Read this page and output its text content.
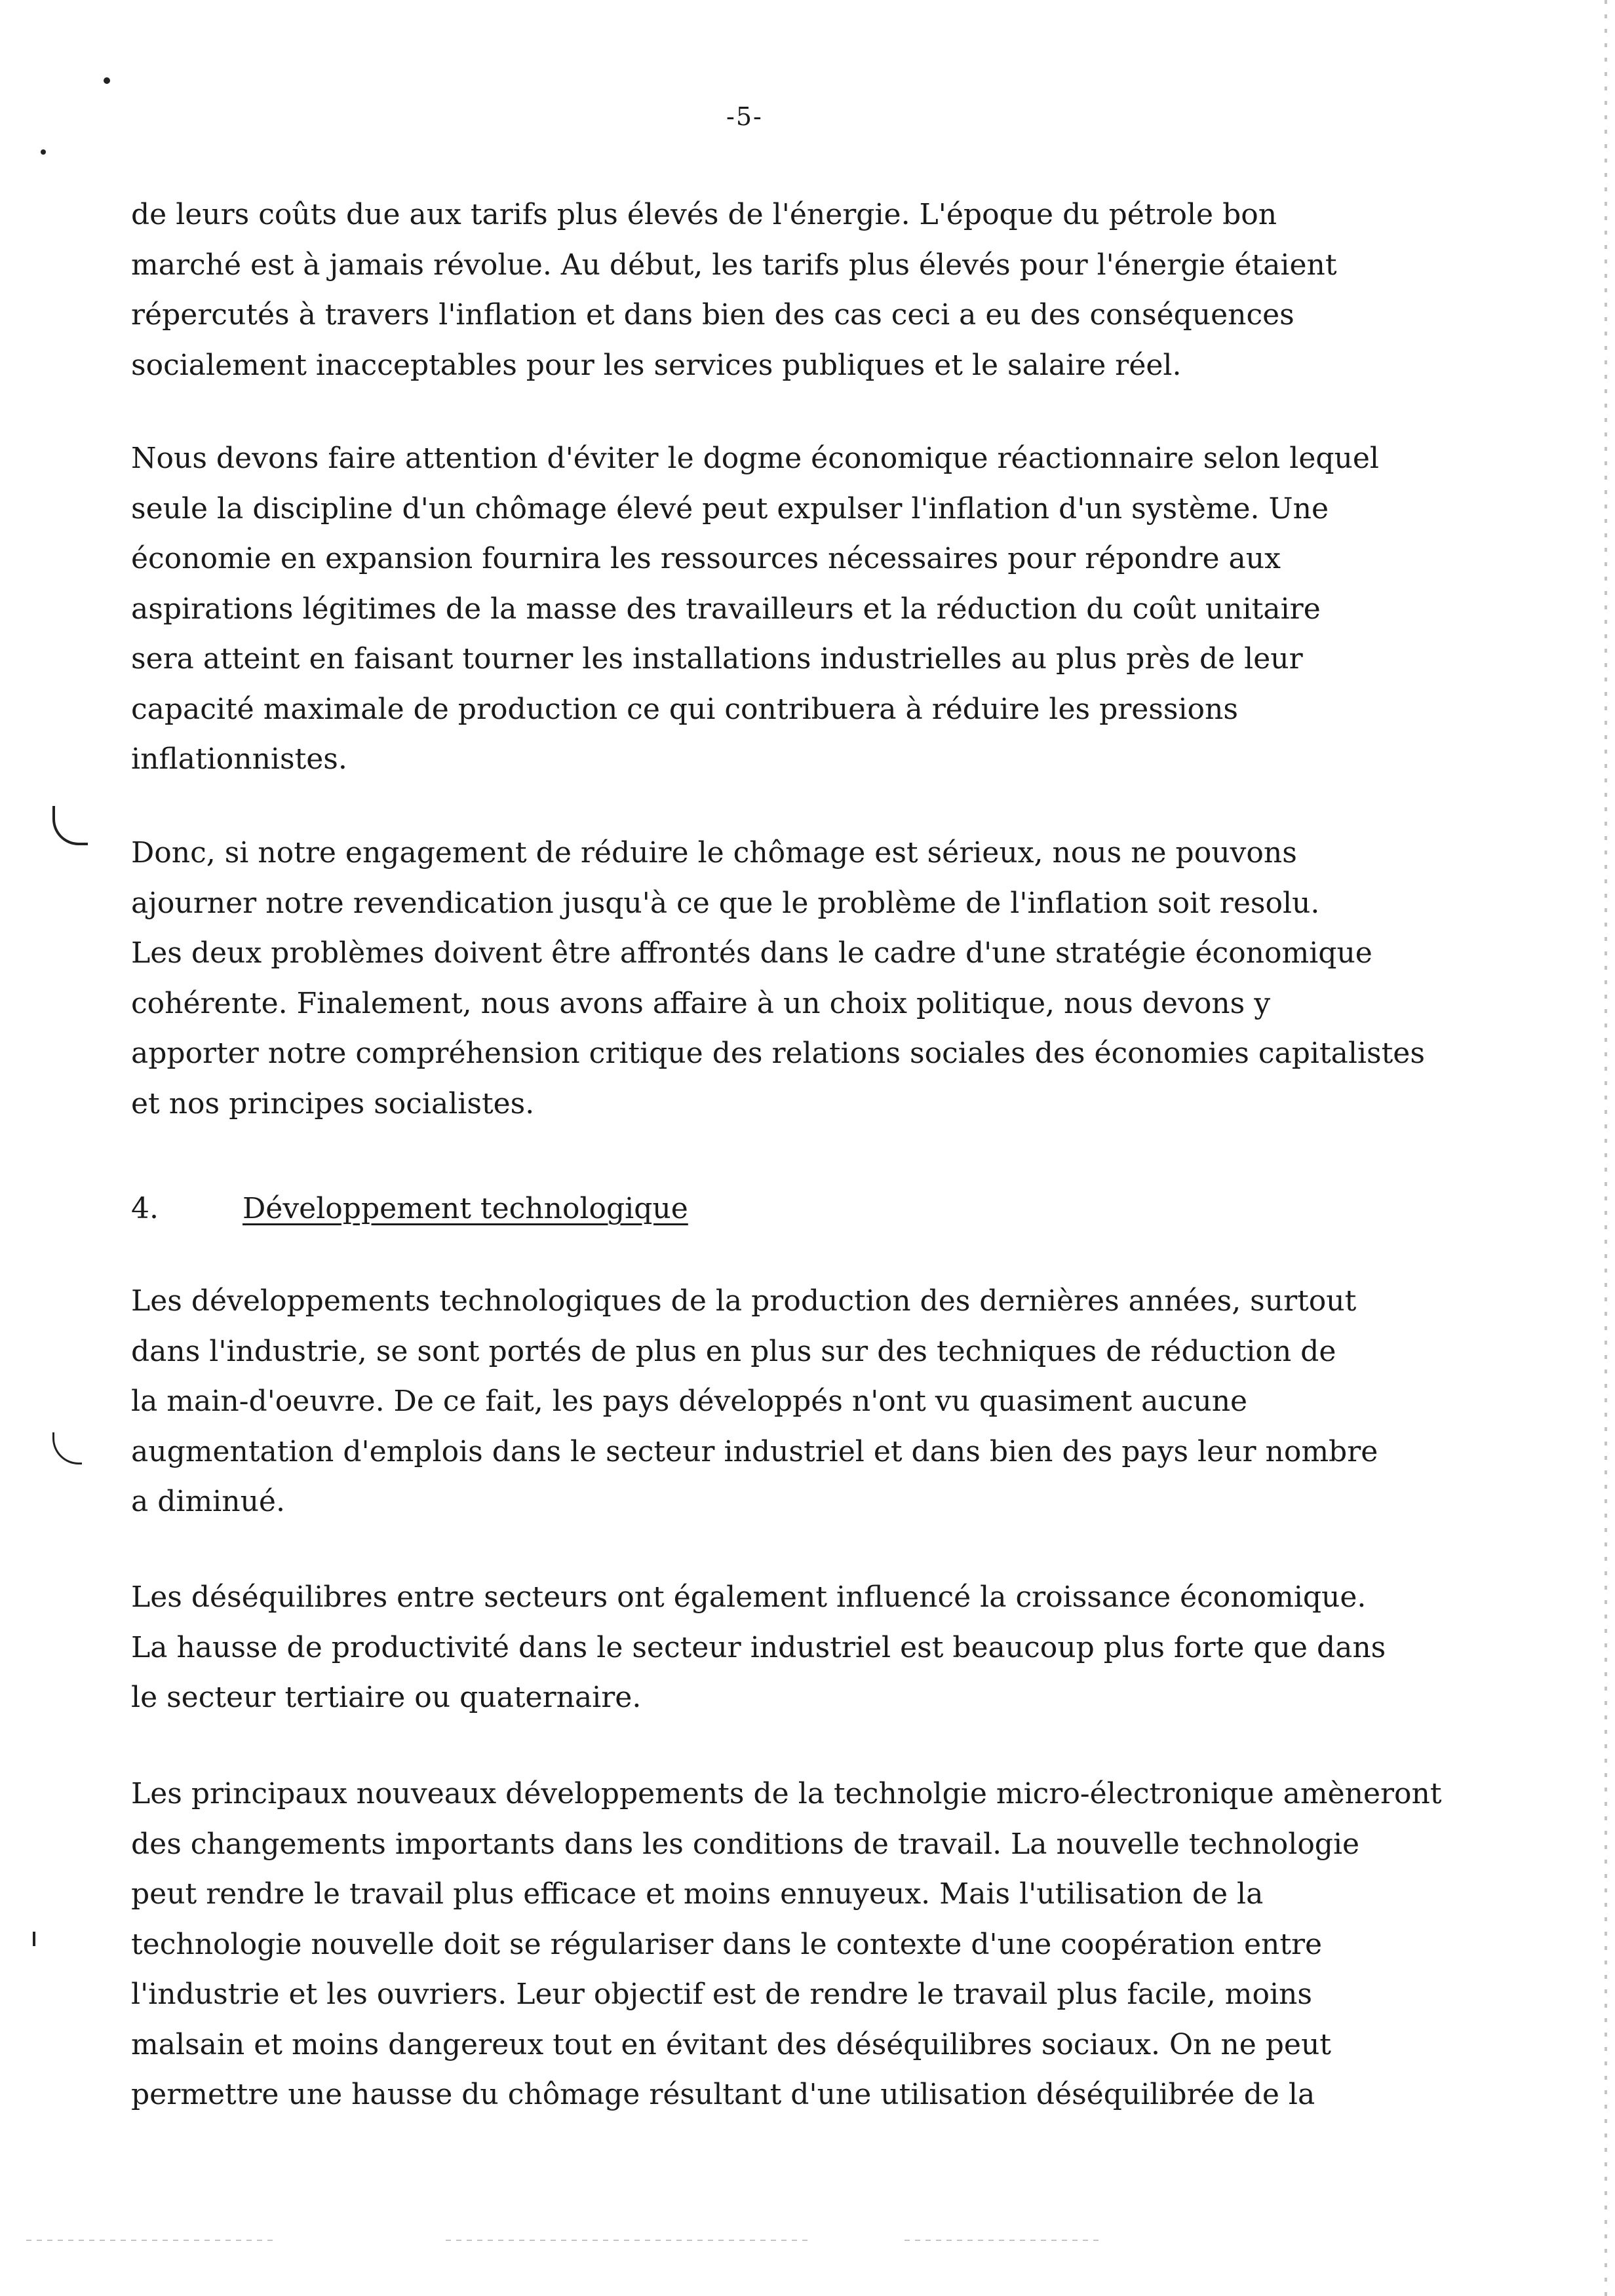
-5-

de leurs coûts due aux tarifs plus élevés de l'énergie. L'époque du pétrole bon
marché est à jamais révolue. Au début, les tarifs plus élevés pour l'énergie étaient
répercutés à travers l'inflation et dans bien des cas ceci a eu des conséquences
socialement inacceptables pour les services publiques et le salaire réel.

Nous devons faire attention d'éviter le dogme économique réactionnaire selon lequel
seule la discipline d'un chômage élevé peut expulser l'inflation d'un système. Une
économie en expansion fournira les ressources nécessaires pour répondre aux
aspirations légitimes de la masse des travailleurs et la réduction du coût unitaire
sera atteint en faisant tourner les installations industrielles au plus près de leur
capacité maximale de production ce qui contribuera à réduire les pressions
inflationnistes.

Donc, si notre engagement de réduire le chômage est sérieux, nous ne pouvons
ajourner notre revendication jusqu'à ce que le problème de l'inflation soit resolu.
Les deux problèmes doivent être affrontés dans le cadre d'une stratégie économique
cohérente. Finalement, nous avons affaire à un choix politique, nous devons y
apporter notre compréhension critique des relations sociales des économies capitalistes
et nos principes socialistes.

4.	Développement technologique

Les développements technologiques de la production des dernières années, surtout
dans l'industrie, se sont portés de plus en plus sur des techniques de réduction de
la main-d'oeuvre. De ce fait, les pays développés n'ont vu quasiment aucune
augmentation d'emplois dans le secteur industriel et dans bien des pays leur nombre
a diminué.

Les déséquilibres entre secteurs ont également influencé la croissance économique.
La hausse de productivité dans le secteur industriel est beaucoup plus forte que dans
le secteur tertiaire ou quaternaire.

Les principaux nouveaux développements de la technolgie micro-électronique amèneront
des changements importants dans les conditions de travail. La nouvelle technologie
peut rendre le travail plus efficace et moins ennuyeux. Mais l'utilisation de la
technologie nouvelle doit se régulariser dans le contexte d'une coopération entre
l'industrie et les ouvriers. Leur objectif est de rendre le travail plus facile, moins
malsain et moins dangereux tout en évitant des déséquilibres sociaux. On ne peut
permettre une hausse du chômage résultant d'une utilisation déséquilibrée de la
